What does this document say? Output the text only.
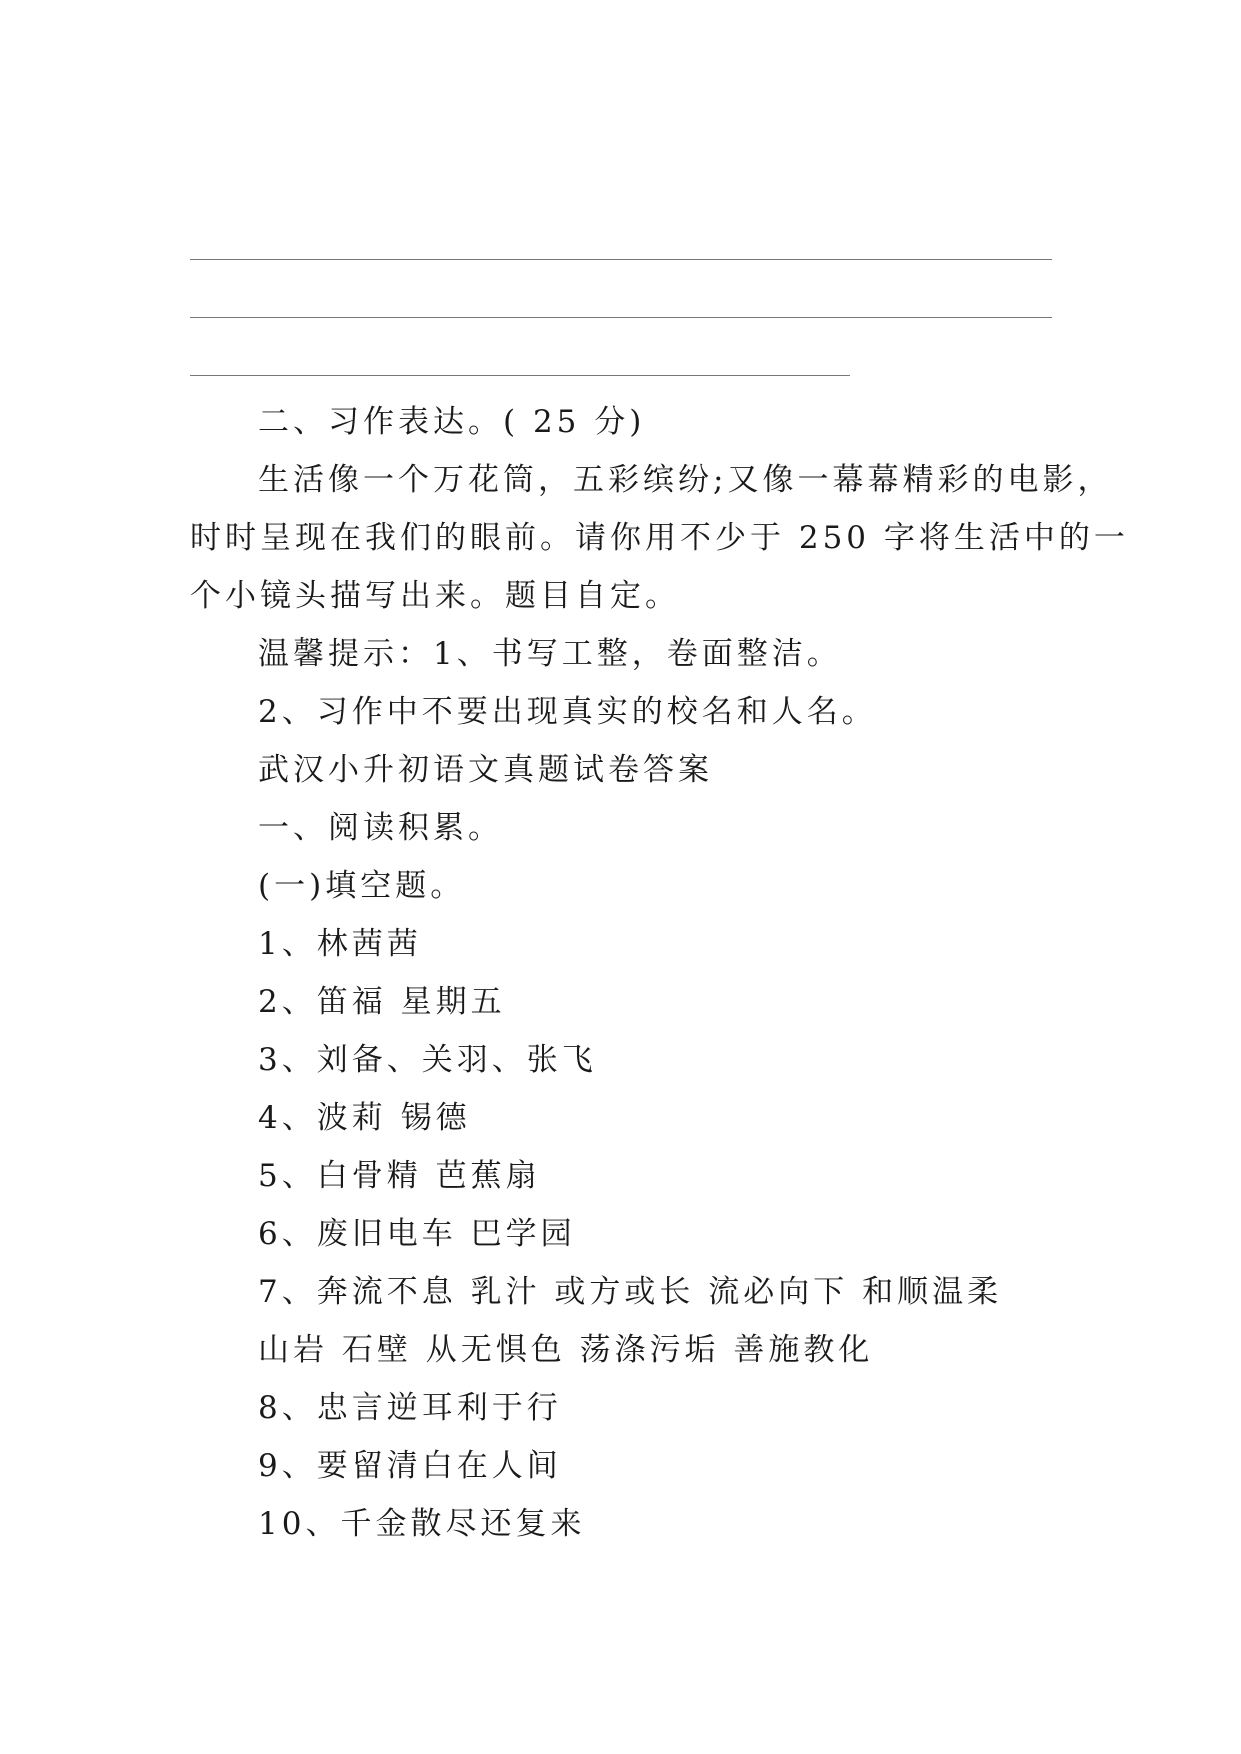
二、习作表达。( 25 分)
生活像一个万花筒，五彩缤纷;又像一幕幕精彩的电影，
时时呈现在我们的眼前。请你用不少于 250 字将生活中的一
个小镜头描写出来。题目自定。
温馨提示：1、书写工整，卷面整洁。
2、习作中不要出现真实的校名和人名。
武汉小升初语文真题试卷答案
一、阅读积累。
(一)填空题。
1、林茜茜
2、笛福 星期五
3、刘备、关羽、张飞
4、波莉 锡德
5、白骨精 芭蕉扇
6、废旧电车 巴学园
7、奔流不息 乳汁 或方或长 流必向下 和顺温柔
山岩 石壁 从无惧色 荡涤污垢 善施教化
8、忠言逆耳利于行
9、要留清白在人间
10、千金散尽还复来
